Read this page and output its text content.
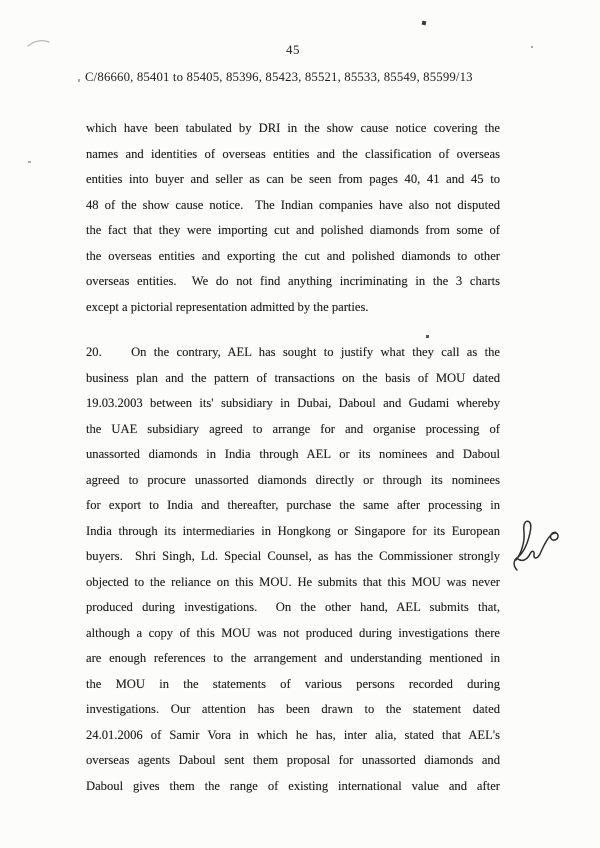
45
C/86660, 85401 to 85405, 85396, 85423, 85521, 85533, 85549, 85599/13
which have been tabulated by DRI in the show cause notice covering the
names and identities of overseas entities and the classification of overseas
entities into buyer and seller as can be seen from pages 40, 41 and 45 to
48 of the show cause notice.  The Indian companies have also not disputed
the fact that they were importing cut and polished diamonds from some of
the overseas entities and exporting the cut and polished diamonds to other
overseas entities.  We do not find anything incriminating in the 3 charts
except a pictorial representation admitted by the parties.
20.    On the contrary, AEL has sought to justify what they call as the
business plan and the pattern of transactions on the basis of MOU dated
19.03.2003 between its' subsidiary in Dubai, Daboul and Gudami whereby
the UAE subsidiary agreed to arrange for and organise processing of
unassorted diamonds in India through AEL or its nominees and Daboul
agreed to procure unassorted diamonds directly or through its nominees
for export to India and thereafter, purchase the same after processing in
India through its intermediaries in Hongkong or Singapore for its European
buyers.  Shri Singh, Ld. Special Counsel, as has the Commissioner strongly
objected to the reliance on this MOU. He submits that this MOU was never
produced during investigations.  On the other hand, AEL submits that,
although a copy of this MOU was not produced during investigations there
are enough references to the arrangement and understanding mentioned in
the MOU in the statements of various persons recorded during
investigations. Our attention has been drawn to the statement dated
24.01.2006 of Samir Vora in which he has, inter alia, stated that AEL's
overseas agents Daboul sent them proposal for unassorted diamonds and
Daboul gives them the range of existing international value and after
